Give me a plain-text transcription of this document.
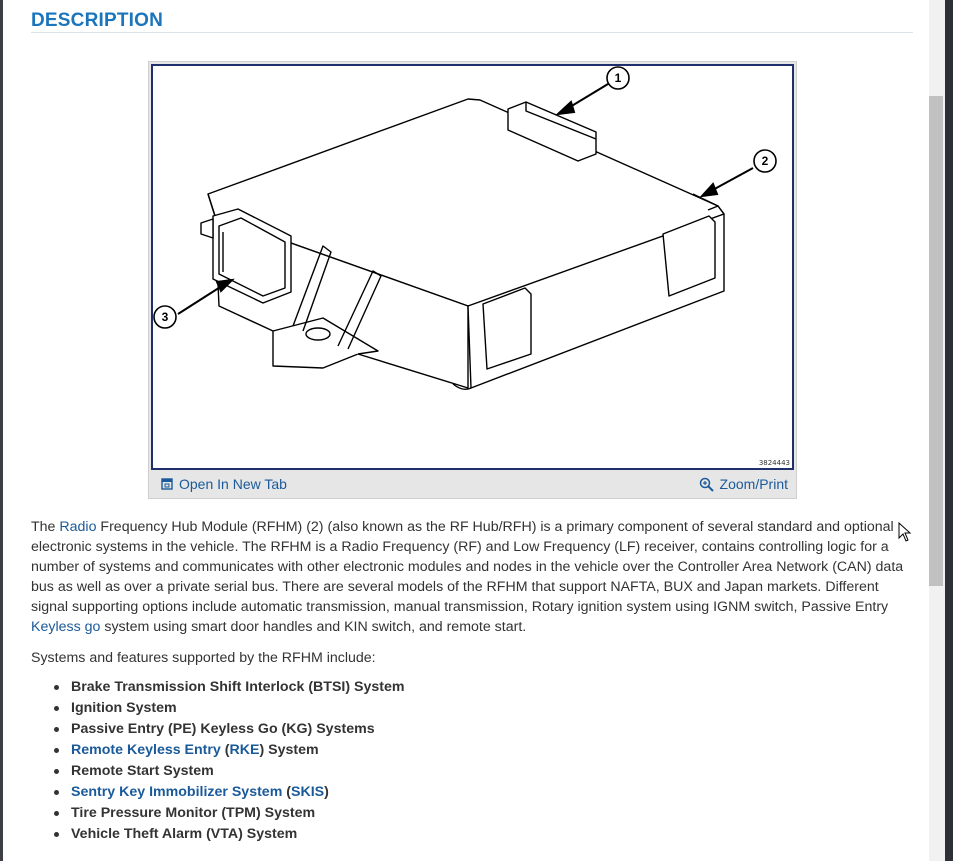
DESCRIPTION
1
2
3
3824443
Open In New Tab	Zoom/Print

The Radio Frequency Hub Module (RFHM) (2) (also known as the RF Hub/RFH) is a primary component of several standard and optional electronic systems in the vehicle. The RFHM is a Radio Frequency (RF) and Low Frequency (LF) receiver, contains controlling logic for a number of systems and communicates with other electronic modules and nodes in the vehicle over the Controller Area Network (CAN) data bus as well as over a private serial bus. There are several models of the RFHM that support NAFTA, BUX and Japan markets. Different signal supporting options include automatic transmission, manual transmission, Rotary ignition system using IGNM switch, Passive Entry Keyless go system using smart door handles and KIN switch, and remote start.

Systems and features supported by the RFHM include:

Brake Transmission Shift Interlock (BTSI) System
Ignition System
Passive Entry (PE) Keyless Go (KG) Systems
Remote Keyless Entry (RKE) System
Remote Start System
Sentry Key Immobilizer System (SKIS)
Tire Pressure Monitor (TPM) System
Vehicle Theft Alarm (VTA) System
